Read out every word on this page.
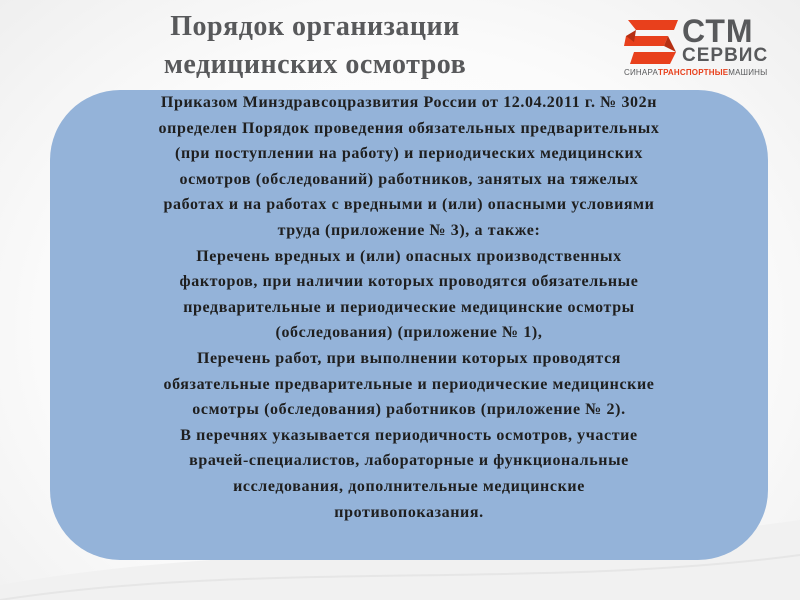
Порядок организации
медицинских осмотров
СТМ
СЕРВИС
СИНАРАТРАНСПОРТНЫЕМАШИНЫ
Приказом Минздравсоцразвития России от 12.04.2011 г. № 302н
определен Порядок проведения обязательных предварительных
(при поступлении на работу) и периодических медицинских
осмотров (обследований) работников, занятых на тяжелых
работах и на работах с вредными и (или) опасными условиями
труда (приложение № 3), а также:
Перечень вредных и (или) опасных производственных
факторов, при наличии которых проводятся обязательные
предварительные и периодические медицинские осмотры
(обследования) (приложение № 1),
Перечень работ, при выполнении которых проводятся
обязательные предварительные и периодические медицинские
осмотры (обследования) работников (приложение № 2).
В перечнях указывается периодичность осмотров, участие
врачей-специалистов, лабораторные и функциональные
исследования, дополнительные медицинские
противопоказания.
